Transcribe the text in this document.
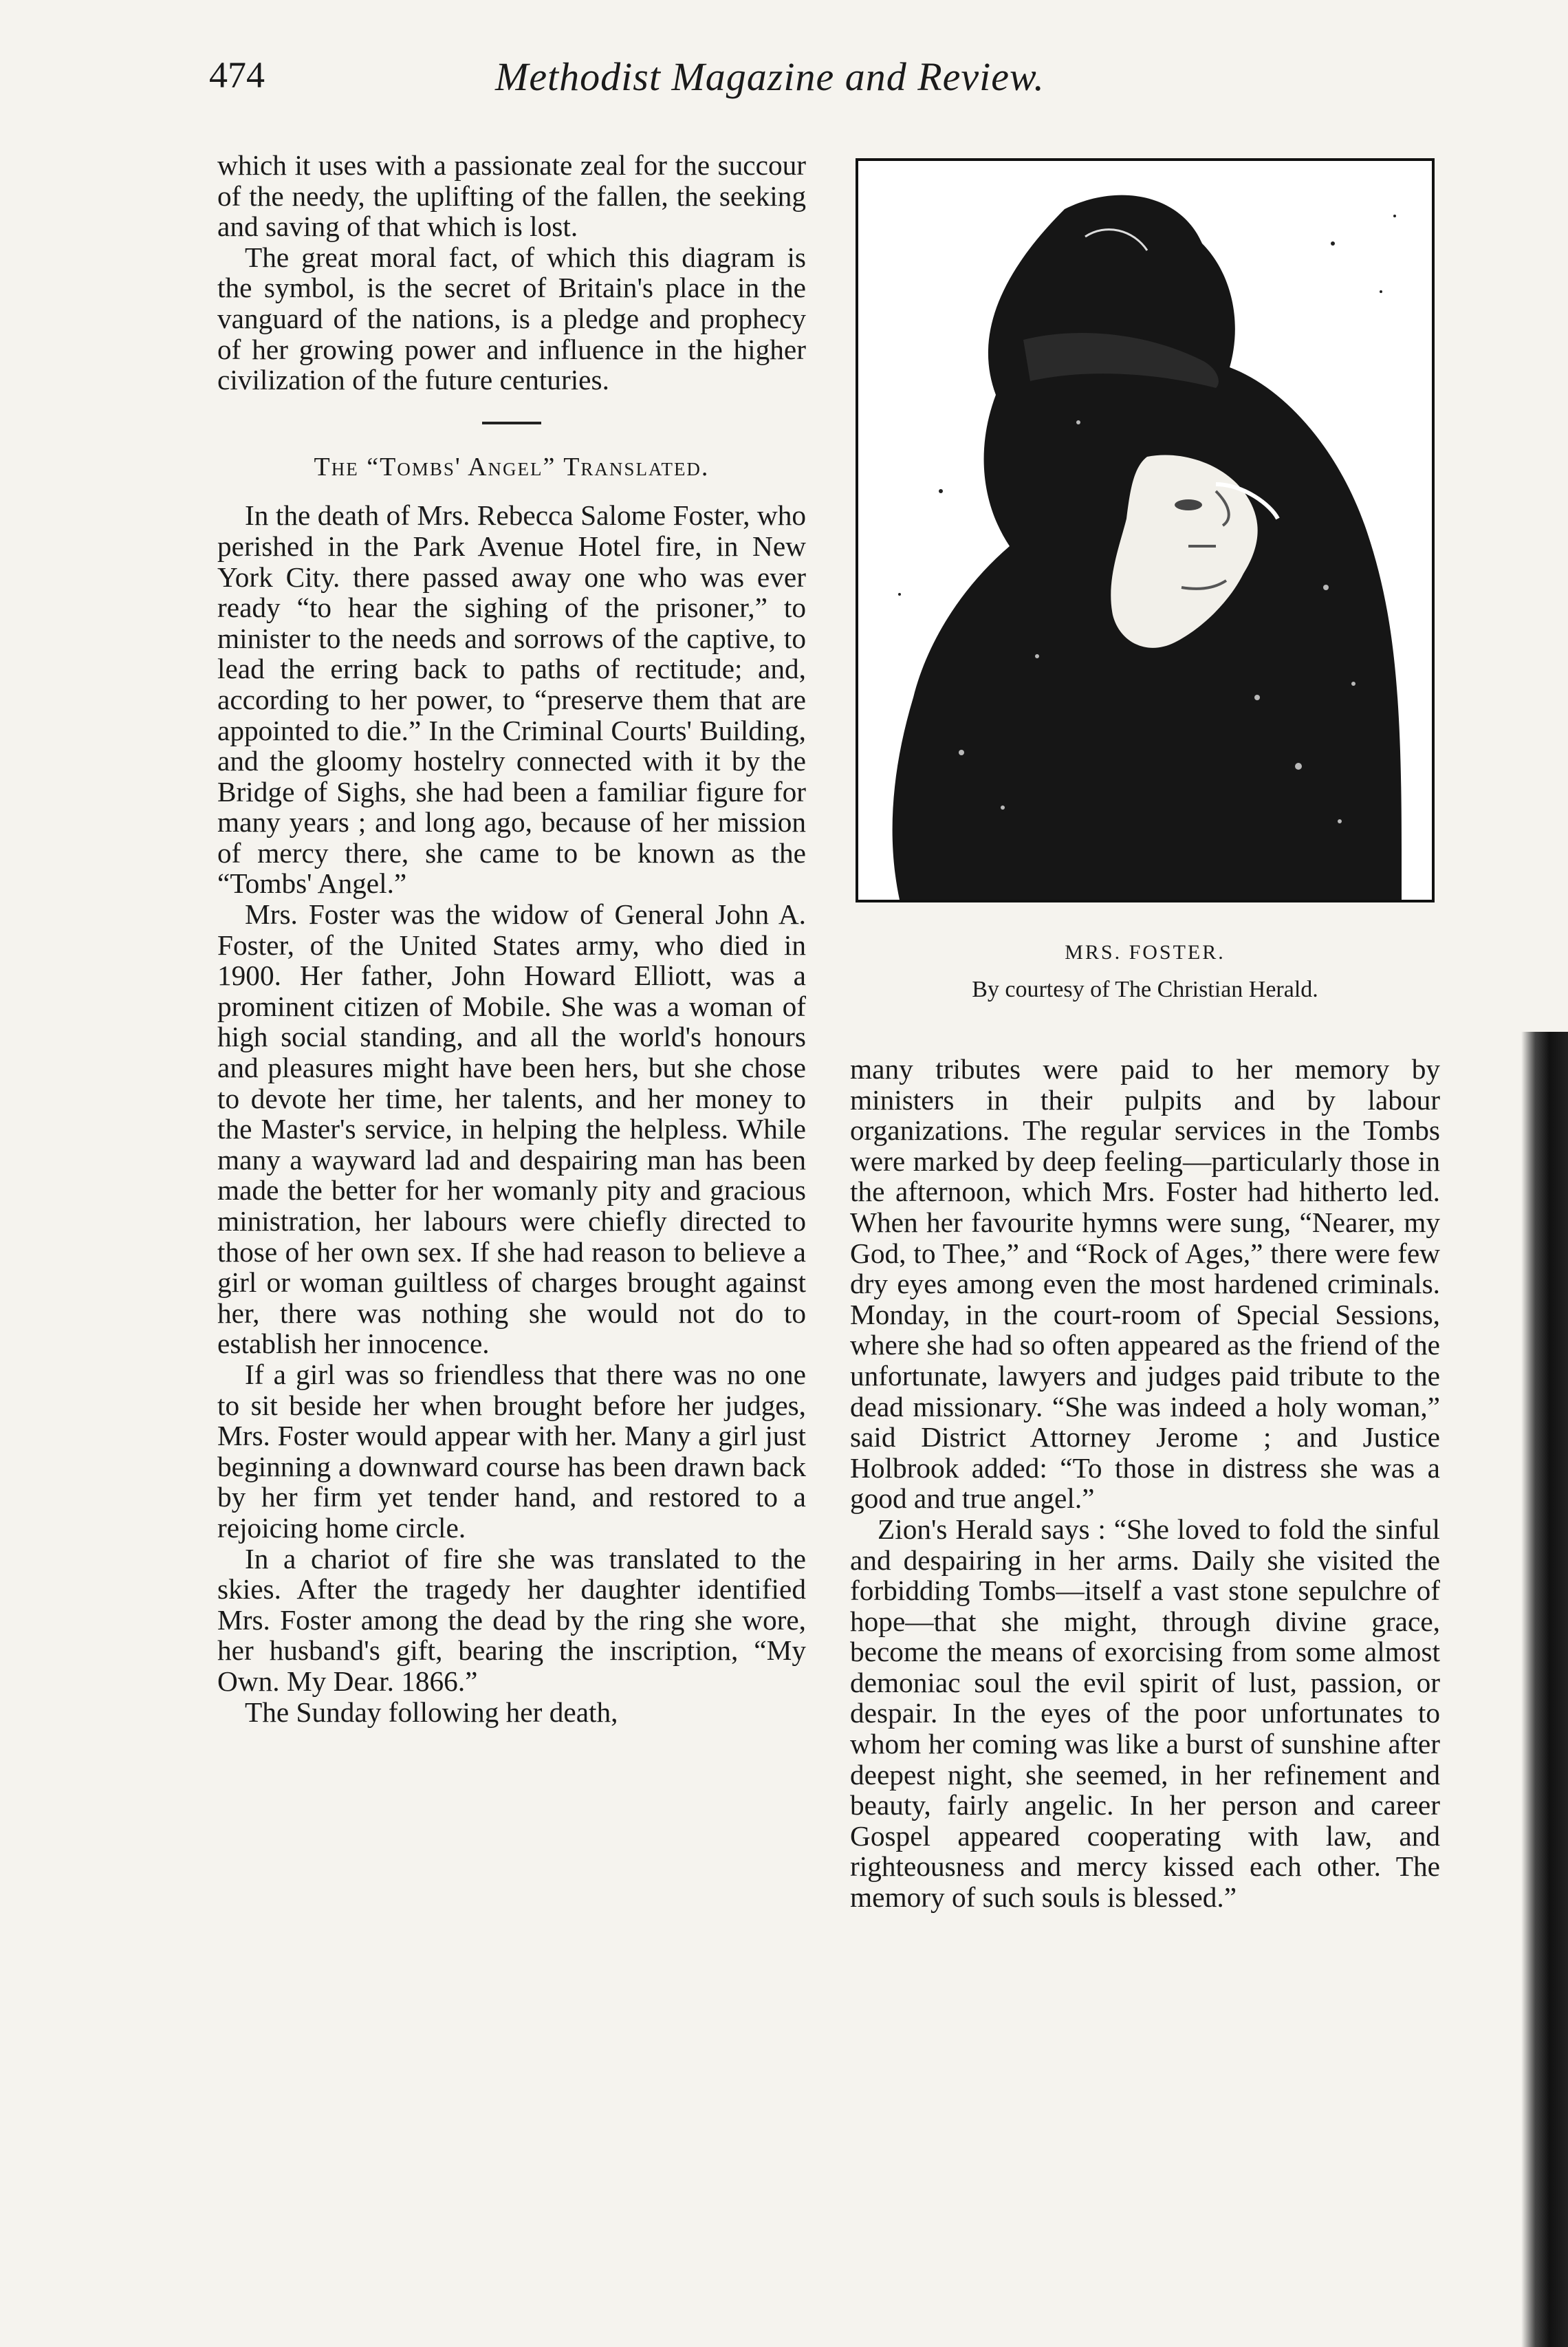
474	Methodist Magazine and Review.

which it uses with a passionate zeal for the succour of the needy, the uplifting of the fallen, the seeking and saving of that which is lost.

The great moral fact, of which this diagram is the symbol, is the secret of Britain's place in the vanguard of the nations, is a pledge and prophecy of her growing power and influence in the higher civilization of the future centuries.

The “Tombs' Angel” Translated.

In the death of Mrs. Rebecca Salome Foster, who perished in the Park Avenue Hotel fire, in New York City. there passed away one who was ever ready “to hear the sighing of the prisoner,” to minister to the needs and sorrows of the captive, to lead the erring back to paths of rectitude; and, according to her power, to “preserve them that are appointed to die.” In the Criminal Courts' Building, and the gloomy hostelry connected with it by the Bridge of Sighs, she had been a familiar figure for many years ; and long ago, because of her mission of mercy there, she came to be known as the “Tombs' Angel.”

Mrs. Foster was the widow of General John A. Foster, of the United States army, who died in 1900. Her father, John Howard Elliott, was a prominent citizen of Mobile. She was a woman of high social standing, and all the world's honours and pleasures might have been hers, but she chose to devote her time, her talents, and her money to the Master's service, in helping the helpless. While many a wayward lad and despairing man has been made the better for her womanly pity and gracious ministration, her labours were chiefly directed to those of her own sex. If she had reason to believe a girl or woman guiltless of charges brought against her, there was nothing she would not do to establish her innocence.

If a girl was so friendless that there was no one to sit beside her when brought before her judges, Mrs. Foster would appear with her. Many a girl just beginning a downward course has been drawn back by her firm yet tender hand, and restored to a rejoicing home circle.

In a chariot of fire she was translated to the skies. After the tragedy her daughter identified Mrs. Foster among the dead by the ring she wore, her husband's gift, bearing the inscription, “My Own. My Dear. 1866.”

The Sunday following her death,

MRS. FOSTER.
By courtesy of The Christian Herald.

many tributes were paid to her memory by ministers in their pulpits and by labour organizations. The regular services in the Tombs were marked by deep feeling—particularly those in the afternoon, which Mrs. Foster had hitherto led. When her favourite hymns were sung, “Nearer, my God, to Thee,” and “Rock of Ages,” there were few dry eyes among even the most hardened criminals. Monday, in the court-room of Special Sessions, where she had so often appeared as the friend of the unfortunate, lawyers and judges paid tribute to the dead missionary. “She was indeed a holy woman,” said District Attorney Jerome ; and Justice Holbrook added: “To those in distress she was a good and true angel.”

Zion's Herald says : “She loved to fold the sinful and despairing in her arms. Daily she visited the forbidding Tombs—itself a vast stone sepulchre of hope—that she might, through divine grace, become the means of exorcising from some almost demoniac soul the evil spirit of lust, passion, or despair. In the eyes of the poor unfortunates to whom her coming was like a burst of sunshine after deepest night, she seemed, in her refinement and beauty, fairly angelic. In her person and career Gospel appeared cooperating with law, and righteousness and mercy kissed each other. The memory of such souls is blessed.”
